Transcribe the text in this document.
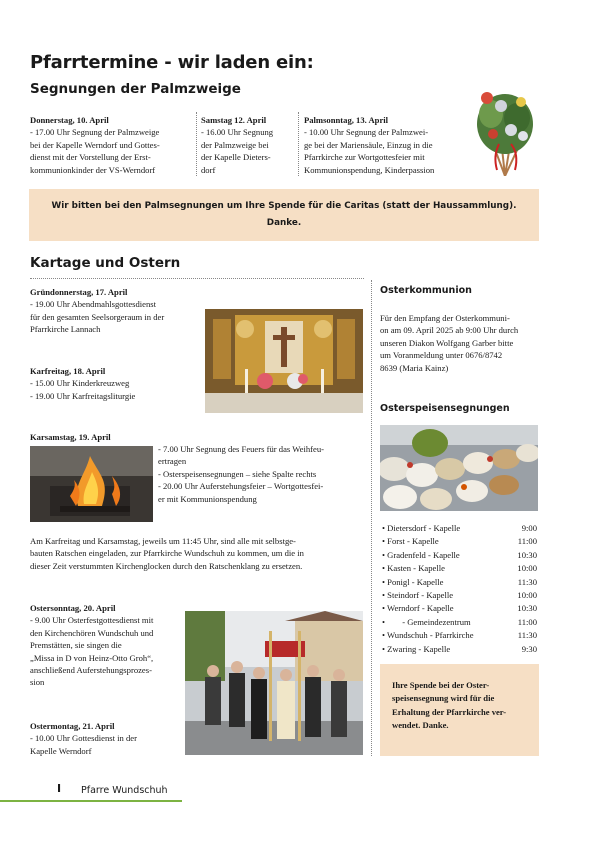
Pfarrtermine - wir laden ein:
Segnungen der Palmzweige
Donnerstag, 10. April
- 17.00 Uhr Segnung der Palmzweige
bei der Kapelle Werndorf und Gottes-
dienst mit der Vorstellung der Erst-
kommunionkinder der VS-Werndorf
Samstag 12. April
- 16.00 Uhr Segnung
der Palmzweige bei
der Kapelle Dieters-
dorf
Palmsonntag, 13. April
- 10.00 Uhr Segnung der Palmzwei-
ge bei der Mariensäule, Einzug in die
Pfarrkirche zur Wortgottesfeier mit
Kommunionspendung, Kinderpassion
Wir bitten bei den Palmsegnungen um Ihre Spende für die Caritas (statt der Haussammlung).
Danke.
Kartage und Ostern
Gründonnerstag, 17. April
- 19.00 Uhr Abendmahlsgottesdienst
für den gesamten Seelsorgeraum in der
Pfarrkirche Lannach
Karfreitag, 18. April
- 15.00 Uhr Kinderkreuzweg
- 19.00 Uhr Karfreitagsliturgie
Karsamstag, 19. April
- 7.00 Uhr Segnung des Feuers für das Weihfeu-
ertragen
- Osterspeisensegnungen – siehe Spalte rechts
- 20.00 Uhr Auferstehungsfeier – Wortgottesfei-
er mit Kommunionspendung
Am Karfreitag und Karsamstag, jeweils um 11:45 Uhr, sind alle mit selbstge-
bauten Ratschen eingeladen, zur Pfarrkirche Wundschuh zu kommen, um die in
dieser Zeit verstummten Kirchenglocken durch den Ratschenklang zu ersetzen.
Ostersonntag, 20. April
- 9.00 Uhr Osterfestgottesdienst mit
den Kirchenchören Wundschuh und
Premstätten, sie singen die
„Missa in D von Heinz-Otto Groh“,
anschließend Auferstehungsprozes-
sion
Ostermontag, 21. April
- 10.00 Uhr Gottesdienst in der
Kapelle Werndorf
Osterkommunion
Für den Empfang der Osterkommuni-
on am 09. April 2025 ab 9:00 Uhr durch
unseren Diakon Wolfgang Garber bitte
um Voranmeldung unter 0676/8742
8639 (Maria Kainz)
Osterspeisensegnungen
• Dietersdorf - Kapelle	9:00
• Forst - Kapelle	11:00
• Gradenfeld - Kapelle	10:30
• Kasten - Kapelle	10:00
• Ponigl - Kapelle	11:30
• Steindorf - Kapelle	10:00
• Werndorf - Kapelle	10:30
•        - Gemeindezentrum	11:00
• Wundschuh - Pfarrkirche	11:30
• Zwaring - Kapelle	9:30
Ihre Spende bei der Oster-
speisensegnung wird für die
Erhaltung der Pfarrkirche ver-
wendet. Danke.
I Pfarre Wundschuh
